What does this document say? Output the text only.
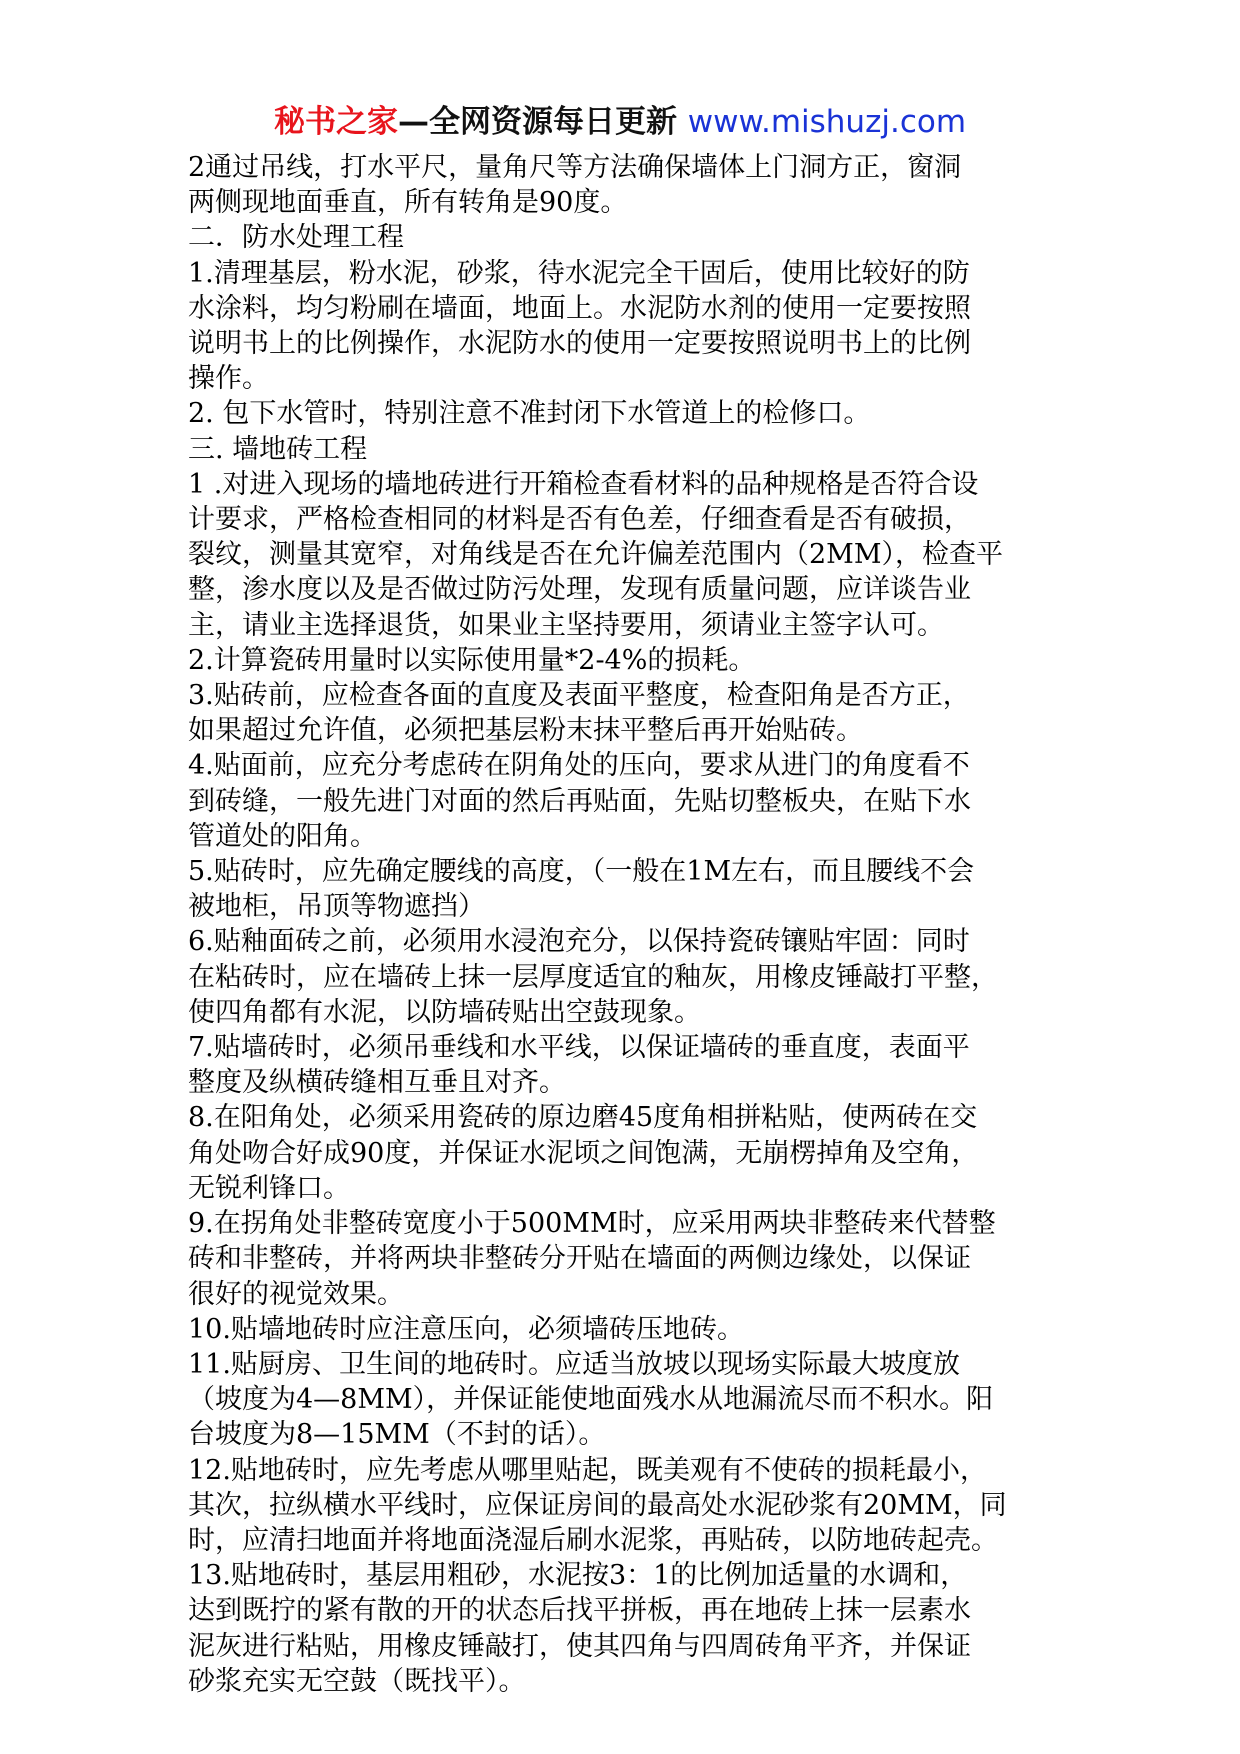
秘书之家—全网资源每日更新 www.mishuzj.com

2通过吊线，打水平尺，量角尺等方法确保墙体上门洞方正，窗洞

两侧现地面垂直，所有转角是90度。

二．防水处理工程

1.清理基层，粉水泥，砂浆，待水泥完全干固后，使用比较好的防

水涂料，均匀粉刷在墙面，地面上。水泥防水剂的使用一定要按照

说明书上的比例操作，水泥防水的使用一定要按照说明书上的比例

操作。

2. 包下水管时，特别注意不准封闭下水管道上的检修口。

三. 墙地砖工程

1 .对进入现场的墙地砖进行开箱检查看材料的品种规格是否符合设

计要求，严格检查相同的材料是否有色差，仔细查看是否有破损，

裂纹，测量其宽窄，对角线是否在允许偏差范围内（2MM），检查平

整，渗水度以及是否做过防污处理，发现有质量问题，应详谈告业

主，请业主选择退货，如果业主坚持要用，须请业主签字认可。

2.计算瓷砖用量时以实际使用量*2-4%的损耗。

3.贴砖前，应检查各面的直度及表面平整度，检查阳角是否方正，

如果超过允许值，必须把基层粉末抹平整后再开始贴砖。

4.贴面前，应充分考虑砖在阴角处的压向，要求从进门的角度看不

到砖缝，一般先进门对面的然后再贴面，先贴切整板央，在贴下水

管道处的阳角。

5.贴砖时，应先确定腰线的高度，（一般在1M左右，而且腰线不会

被地柜，吊顶等物遮挡）

6.贴釉面砖之前，必须用水浸泡充分，以保持瓷砖镶贴牢固：同时

在粘砖时，应在墙砖上抹一层厚度适宜的釉灰，用橡皮锤敲打平整，

使四角都有水泥，以防墙砖贴出空鼓现象。

7.贴墙砖时，必须吊垂线和水平线，以保证墙砖的垂直度，表面平

整度及纵横砖缝相互垂且对齐。

8.在阳角处，必须采用瓷砖的原边磨45度角相拼粘贴，使两砖在交

角处吻合好成90度，并保证水泥顷之间饱满，无崩楞掉角及空角，

无锐利锋口。

9.在拐角处非整砖宽度小于500MM时，应采用两块非整砖来代替整

砖和非整砖，并将两块非整砖分开贴在墙面的两侧边缘处，以保证

很好的视觉效果。

10.贴墙地砖时应注意压向，必须墙砖压地砖。

11.贴厨房、卫生间的地砖时。应适当放坡以现场实际最大坡度放

（坡度为4—8MM），并保证能使地面残水从地漏流尽而不积水。阳

台坡度为8—15MM（不封的话）。

12.贴地砖时，应先考虑从哪里贴起，既美观有不使砖的损耗最小，

其次，拉纵横水平线时，应保证房间的最高处水泥砂浆有20MM，同

时，应清扫地面并将地面浇湿后刷水泥浆，再贴砖，以防地砖起壳。

13.贴地砖时，基层用粗砂，水泥按3：1的比例加适量的水调和，

达到既拧的紧有散的开的状态后找平拼板，再在地砖上抹一层素水

泥灰进行粘贴，用橡皮锤敲打，使其四角与四周砖角平齐，并保证

砂浆充实无空鼓（既找平）。
